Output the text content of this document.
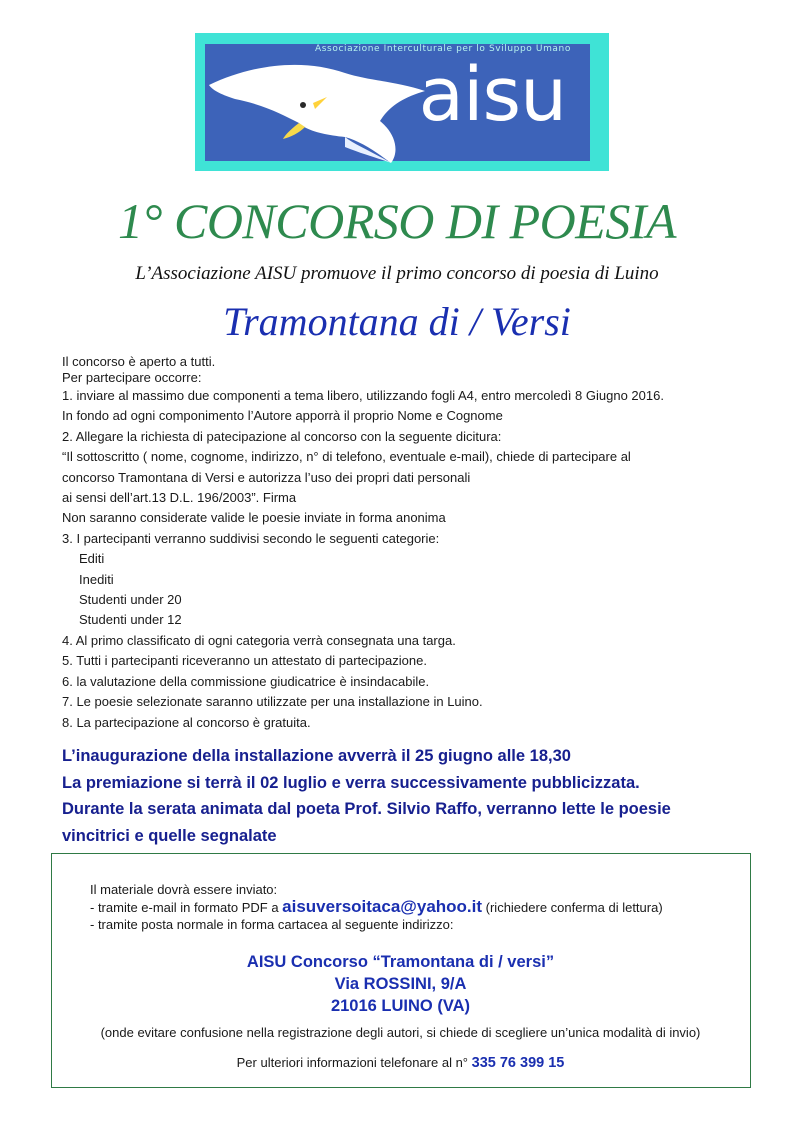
Associazione Interculturale per lo Sviluppo Umano
aisu
1° CONCORSO DI POESIA
L’Associazione AISU promuove il primo concorso di poesia di Luino
Tramontana di / Versi
Il concorso è aperto a tutti.
Per partecipare occorre:
1. inviare al massimo due componenti a tema libero, utilizzando fogli A4, entro mercoledì 8 Giugno 2016.
In fondo ad ogni componimento l’Autore apporrà il proprio Nome e Cognome
2. Allegare la richiesta di patecipazione al concorso con la seguente dicitura:
“Il sottoscritto ( nome, cognome, indirizzo, n° di telefono, eventuale e-mail), chiede di partecipare al
concorso Tramontana di Versi e autorizza l’uso dei propri dati personali
ai sensi dell’art.13 D.L. 196/2003”. Firma
Non saranno considerate valide le poesie inviate in forma anonima
3. I partecipanti verranno suddivisi secondo le seguenti categorie:
Editi
Inediti
Studenti under 20
Studenti under 12
4. Al primo classificato di ogni categoria verrà consegnata una targa.
5. Tutti i partecipanti riceveranno un attestato di partecipazione.
6. la valutazione della commissione giudicatrice è insindacabile.
7. Le poesie selezionate saranno utilizzate per una installazione in Luino.
8. La partecipazione al concorso è gratuita.
L’inaugurazione della installazione avverrà il 25 giugno alle 18,30
La premiazione si terrà il 02 luglio e verra successivamente pubblicizzata.
Durante la serata animata dal poeta Prof. Silvio Raffo, verranno lette le poesie
vincitrici e quelle segnalate
Il materiale dovrà essere inviato:
- tramite e-mail in formato PDF a aisuversoitaca@yahoo.it (richiedere conferma di lettura)
- tramite posta normale in forma cartacea al seguente indirizzo:
AISU Concorso “Tramontana di / versi”
Via ROSSINI, 9/A
21016 LUINO (VA)
(onde evitare confusione nella registrazione degli autori, si chiede di scegliere un’unica modalità di invio)
Per ulteriori informazioni telefonare al n° 335 76 399 15
